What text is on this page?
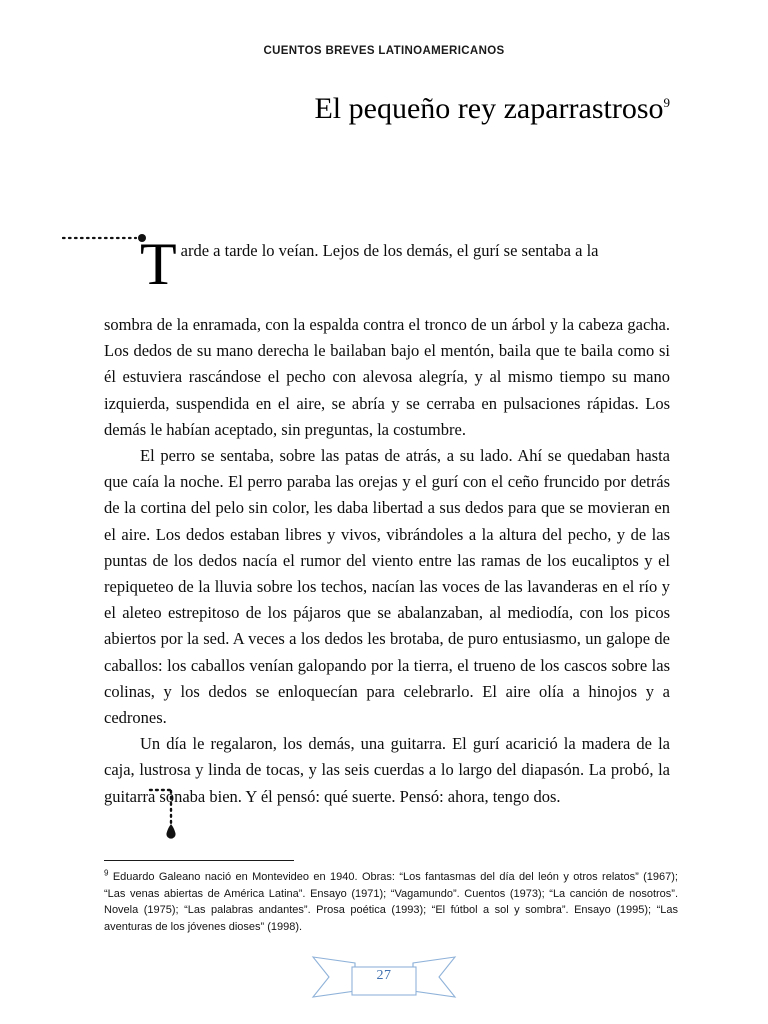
CUENTOS BREVES LATINOAMERICANOS
El pequeño rey zaparrastroso$^9$
T arde a tarde lo veían. Lejos de los demás, el gurí se sentaba a la

sombra de la enramada, con la espalda contra el tronco de un árbol y la cabeza gacha. Los dedos de su mano derecha le bailaban bajo el mentón, baila que te baila como si él estuviera rascándose el pecho con alevosa alegría, y al mismo tiempo su mano izquierda, suspendida en el aire, se abría y se cerraba en pulsaciones rápidas. Los demás le habían aceptado, sin preguntas, la costumbre.

El perro se sentaba, sobre las patas de atrás, a su lado. Ahí se quedaban hasta que caía la noche. El perro paraba las orejas y el gurí con el ceño fruncido por detrás de la cortina del pelo sin color, les daba libertad a sus dedos para que se movieran en el aire. Los dedos estaban libres y vivos, vibrándoles a la altura del pecho, y de las puntas de los dedos nacía el rumor del viento entre las ramas de los eucaliptos y el repiqueteo de la lluvia sobre los techos, nacían las voces de las lavanderas en el río y el aleteo estrepitoso de los pájaros que se abalanzaban, al mediodía, con los picos abiertos por la sed. A veces a los dedos les brotaba, de puro entusiasmo, un galope de caballos: los caballos venían galopando por la tierra, el trueno de los cascos sobre las colinas, y los dedos se enloquecían para celebrarlo. El aire olía a hinojos y a cedrones.

Un día le regalaron, los demás, una guitarra. El gurí acarició la madera de la caja, lustrosa y linda de tocas, y las seis cuerdas a lo largo del diapasón. La probó, la guitarra sonaba bien. Y él pensó: qué suerte. Pensó: ahora, tengo dos.

$^9$ Eduardo Galeano nació en Montevideo en 1940. Obras: “Los fantasmas del día del león y otros relatos” (1967); “Las venas abiertas de América Latina”. Ensayo (1971); “Vagamundo”. Cuentos (1973); “La canción de nosotros”. Novela (1975); “Las palabras andantes”. Prosa poética (1993); “El fútbol a sol y sombra”. Ensayo (1995); “Las aventuras de los jóvenes dioses” (1998).
27
